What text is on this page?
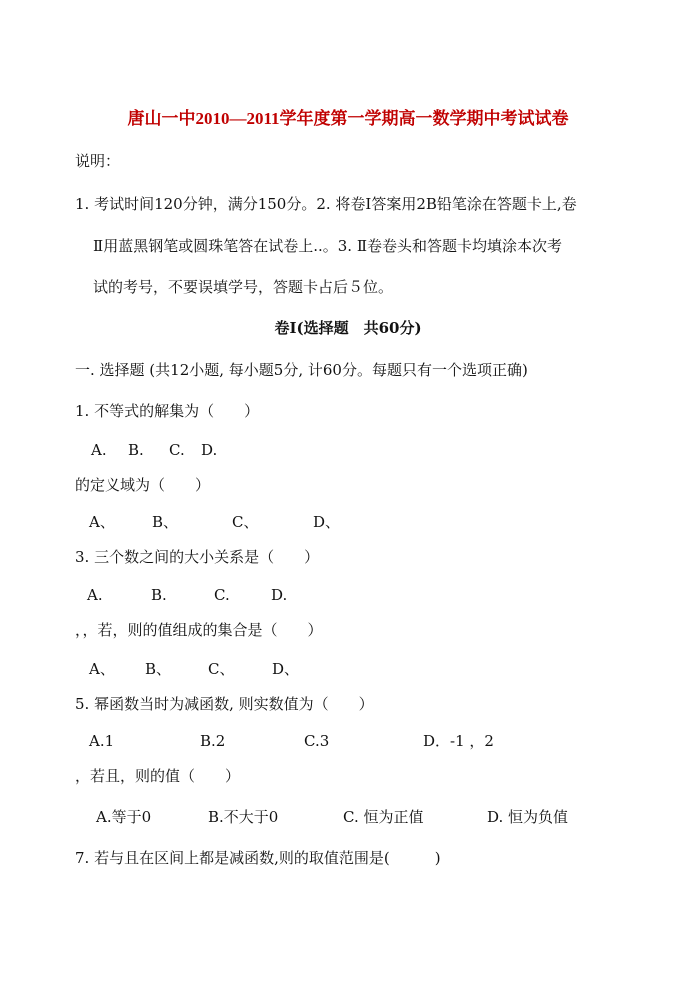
唐山一中2010—2011学年度第一学期高一数学期中考试试卷
说明：
1. 考试时间120分钟，满分150分。2. 将卷Ⅰ答案用2B铅笔涂在答题卡上,卷
Ⅱ用蓝黑钢笔或圆珠笔答在试卷上..。3. Ⅱ卷卷头和答题卡均填涂本次考
试的考号，不要误填学号，答题卡占后５位。
卷Ⅰ(选择题　共60分)
一. 选择题 (共12小题, 每小题5分, 计60分。每题只有一个选项正确)
1. 不等式的解集为（　　）
A. B. C. D.
的定义域为（　　）
A、 B、	C、	D、
3. 三个数之间的大小关系是（　　）
A.	B.	C.	D.
，，若，则的值组成的集合是（　　）
A、 B、 C、	D、
5. 幂函数当时为减函数, 则实数值为（　　）
A.1	B.2	C.3	D．-1 ，2
，若且，则的值（　　）
A.等于0	B.不大于0	C. 恒为正值	D. 恒为负值
7. 若与且在区间上都是减函数,则的取值范围是(　　　)
